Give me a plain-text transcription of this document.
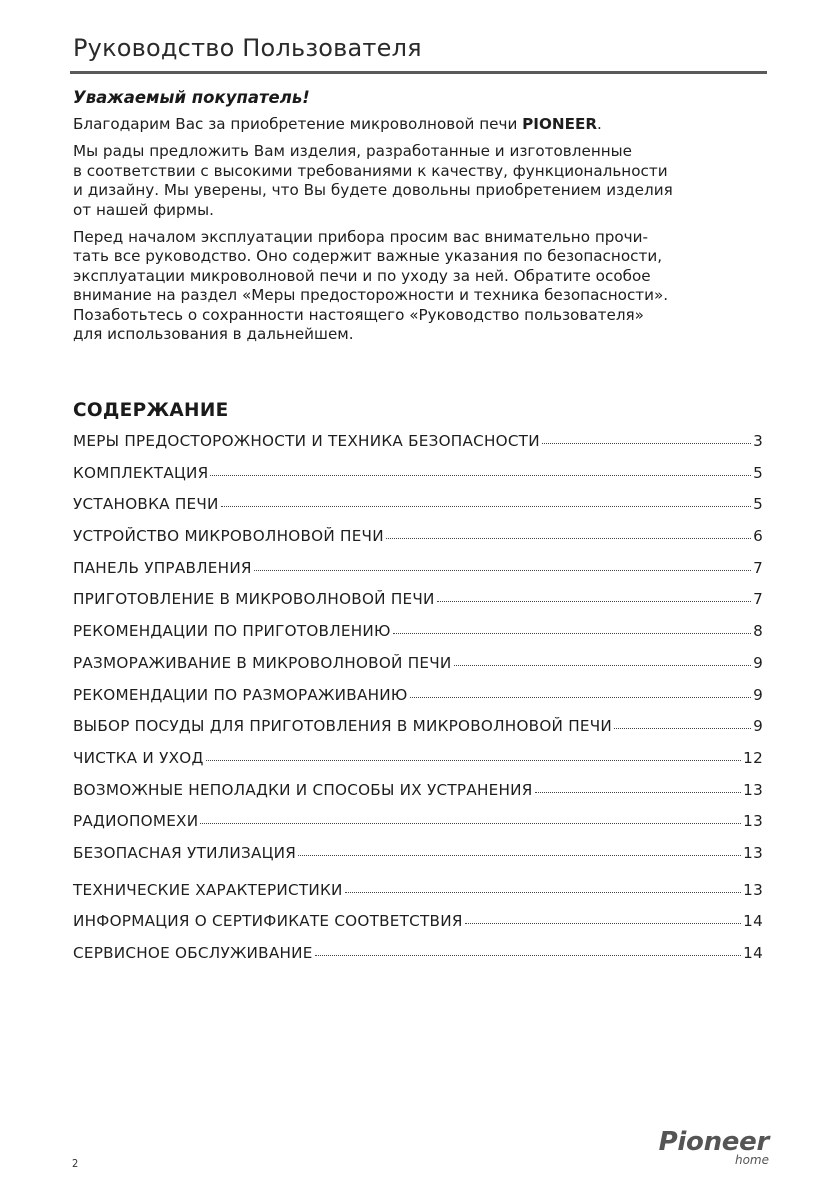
Руководство Пользователя
Уважаемый покупатель!

Благодарим Вас за приобретение микроволновой печи PIONEER.

Мы рады предложить Вам изделия, разработанные и изготовленные
в соответствии с высокими требованиями к качеству, функциональности
и дизайну. Мы уверены, что Вы будете довольны приобретением изделия
от нашей фирмы.

Перед началом эксплуатации прибора просим вас внимательно прочи-
тать все руководство. Оно содержит важные указания по безопасности,
эксплуатации микроволновой печи и по уходу за ней. Обратите особое
внимание на раздел «Меры предосторожности и техника безопасности».
Позаботьтесь о сохранности настоящего «Руководство пользователя»
для использования в дальнейшем.

СОДЕРЖАНИЕ
МЕРЫ ПРЕДОСТОРОЖНОСТИ И ТЕХНИКА БЕЗОПАСНОСТИ	3
КОМПЛЕКТАЦИЯ	5
УСТАНОВКА ПЕЧИ	5
УСТРОЙСТВО МИКРОВОЛНОВОЙ ПЕЧИ	6
ПАНЕЛЬ УПРАВЛЕНИЯ	7
ПРИГОТОВЛЕНИЕ В МИКРОВОЛНОВОЙ ПЕЧИ	7
РЕКОМЕНДАЦИИ ПО ПРИГОТОВЛЕНИЮ	8
РАЗМОРАЖИВАНИЕ В МИКРОВОЛНОВОЙ ПЕЧИ	9
РЕКОМЕНДАЦИИ ПО РАЗМОРАЖИВАНИЮ	9
ВЫБОР ПОСУДЫ ДЛЯ ПРИГОТОВЛЕНИЯ В МИКРОВОЛНОВОЙ ПЕЧИ	9
ЧИСТКА И УХОД	12
ВОЗМОЖНЫЕ НЕПОЛАДКИ И СПОСОБЫ ИХ УСТРАНЕНИЯ	13
РАДИОПОМЕХИ	13
БЕЗОПАСНАЯ УТИЛИЗАЦИЯ	13
ТЕХНИЧЕСКИЕ ХАРАКТЕРИСТИКИ	13
ИНФОРМАЦИЯ О СЕРТИФИКАТЕ СООТВЕТСТВИЯ	14
СЕРВИСНОЕ ОБСЛУЖИВАНИЕ	14
2
Pioneer
home
